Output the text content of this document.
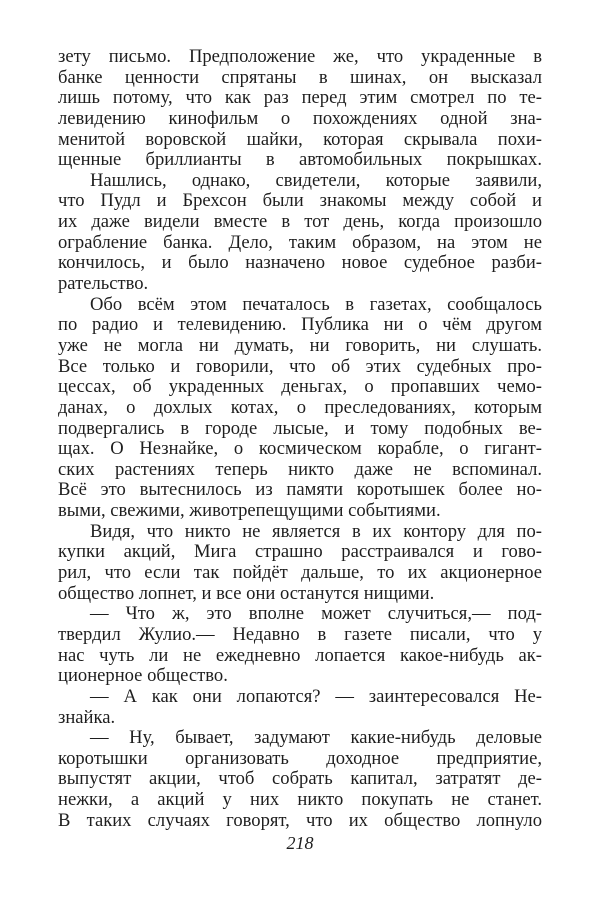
зету письмо. Предположение же, что украденные в
банке ценности спрятаны в шинах, он высказал
лишь потому, что как раз перед этим смотрел по те-
левидению кинофильм о похождениях одной зна-
менитой воровской шайки, которая скрывала похи-
щенные бриллианты в автомобильных покрышках.
Нашлись, однако, свидетели, которые заявили,
что Пудл и Брехсон были знакомы между собой и
их даже видели вместе в тот день, когда произошло
ограбление банка. Дело, таким образом, на этом не
кончилось, и было назначено новое судебное разби-
рательство.
Обо всём этом печаталось в газетах, сообщалось
по радио и телевидению. Публика ни о чём другом
уже не могла ни думать, ни говорить, ни слушать.
Все только и говорили, что об этих судебных про-
цессах, об украденных деньгах, о пропавших чемо-
данах, о дохлых котах, о преследованиях, которым
подвергались в городе лысые, и тому подобных ве-
щах. О Незнайке, о космическом корабле, о гигант-
ских растениях теперь никто даже не вспоминал.
Всё это вытеснилось из памяти коротышек более но-
выми, свежими, животрепещущими событиями.
Видя, что никто не является в их контору для по-
купки акций, Мига страшно расстраивался и гово-
рил, что если так пойдёт дальше, то их акционерное
общество лопнет, и все они останутся нищими.
— Что ж, это вполне может случиться,— под-
твердил Жулио.— Недавно в газете писали, что у
нас чуть ли не ежедневно лопается какое-нибудь ак-
ционерное общество.
— А как они лопаются? — заинтересовался Не-
знайка.
— Ну, бывает, задумают какие-нибудь деловые
коротышки организовать доходное предприятие,
выпустят акции, чтоб собрать капитал, затратят де-
нежки, а акций у них никто покупать не станет.
В таких случаях говорят, что их общество лопнуло
218
